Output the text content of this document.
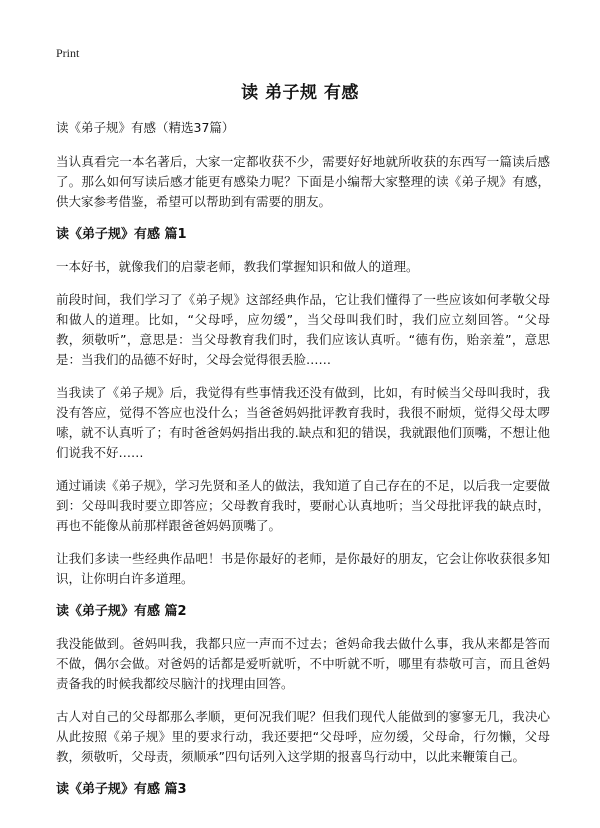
Print
读 弟子规 有感
读《弟子规》有感（精选37篇）

当认真看完一本名著后，大家一定都收获不少，需要好好地就所收获的东西写一篇读后感了。那么如何写读后感才能更有感染力呢？下面是小编帮大家整理的读《弟子规》有感，供大家参考借鉴，希望可以帮助到有需要的朋友。

读《弟子规》有感 篇1

一本好书，就像我们的启蒙老师，教我们掌握知识和做人的道理。

前段时间，我们学习了《弟子规》这部经典作品，它让我们懂得了一些应该如何孝敬父母和做人的道理。比如，“父母呼，应勿缓”，当父母叫我们时，我们应立刻回答。“父母教，须敬听”，意思是：当父母教育我们时，我们应该认真听。“德有伤，贻亲羞”，意思是：当我们的品德不好时，父母会觉得很丢脸……

当我读了《弟子规》后，我觉得有些事情我还没有做到，比如，有时候当父母叫我时，我没有答应，觉得不答应也没什么；当爸爸妈妈批评教育我时，我很不耐烦，觉得父母太啰嗦，就不认真听了；有时爸爸妈妈指出我的.缺点和犯的错误，我就跟他们顶嘴，不想让他们说我不好……

通过诵读《弟子规》，学习先贤和圣人的做法，我知道了自己存在的不足，以后我一定要做到：父母叫我时要立即答应；父母教育我时，要耐心认真地听；当父母批评我的缺点时，再也不能像从前那样跟爸爸妈妈顶嘴了。

让我们多读一些经典作品吧！书是你最好的老师，是你最好的朋友，它会让你收获很多知识，让你明白许多道理。

读《弟子规》有感 篇2

我没能做到。爸妈叫我，我都只应一声而不过去；爸妈命我去做什么事，我从来都是答而不做，偶尔会做。对爸妈的话都是爱听就听，不中听就不听，哪里有恭敬可言，而且爸妈责备我的时候我都绞尽脑汁的找理由回答。

古人对自己的父母都那么孝顺，更何况我们呢？但我们现代人能做到的寥寥无几，我决心从此按照《弟子规》里的要求行动，我还要把“父母呼，应勿缓，父母命，行勿懒，父母教，须敬听，父母责，须顺承”四句话列入这学期的报喜鸟行动中，以此来鞭策自己。

读《弟子规》有感 篇3
